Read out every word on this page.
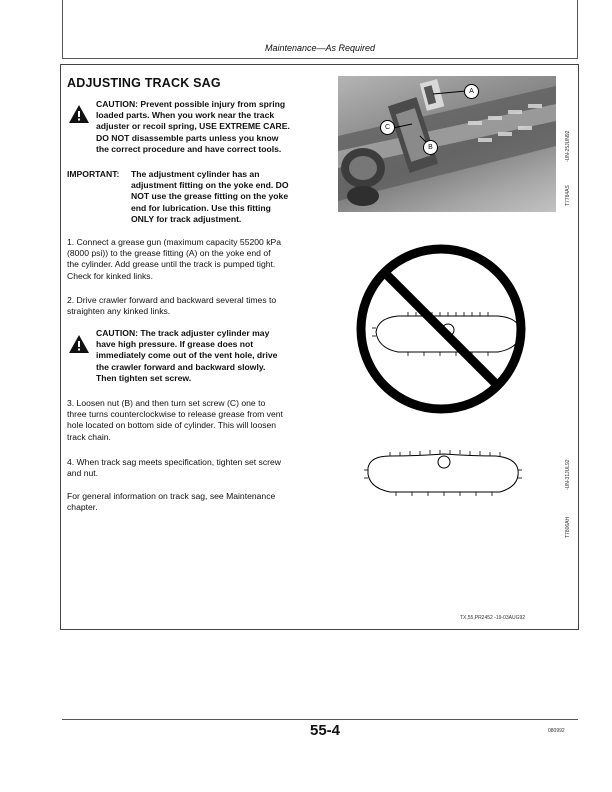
Maintenance—As Required
ADJUSTING TRACK SAG
CAUTION: Prevent possible injury from spring
loaded parts. When you work near the track
adjuster or recoil spring, USE EXTREME CARE.
DO NOT disassemble parts unless you know
the correct procedure and have correct tools.
IMPORTANT: The adjustment cylinder has an
adjustment fitting on the yoke end. DO
NOT use the grease fitting on the yoke
end for lubrication. Use this fitting
ONLY for track adjustment.
1. Connect a grease gun (maximum capacity 55200 kPa
(8000 psi)) to the grease fitting (A) on the yoke end of
the cylinder. Add grease until the track is pumped tight.
Check for kinked links.
2. Drive crawler forward and backward several times to
straighten any kinked links.
CAUTION: The track adjuster cylinder may
have high pressure. If grease does not
immediately come out of the vent hole, drive
the crawler forward and backward slowly.
Then tighten set screw.
3. Loosen nut (B) and then turn set screw (C) one to
three turns counterclockwise to release grease from vent
hole located on bottom side of cylinder. This will loosen
track chain.
4. When track sag meets specification, tighten set screw
and nut.
For general information on track sag, see Maintenance
chapter.
A
B
C
T7784AS
-UN-25JUN92
T7806AH
-UN-31JUL92
TX,55,PR2452 -19-03AUG92
55-4	080992
